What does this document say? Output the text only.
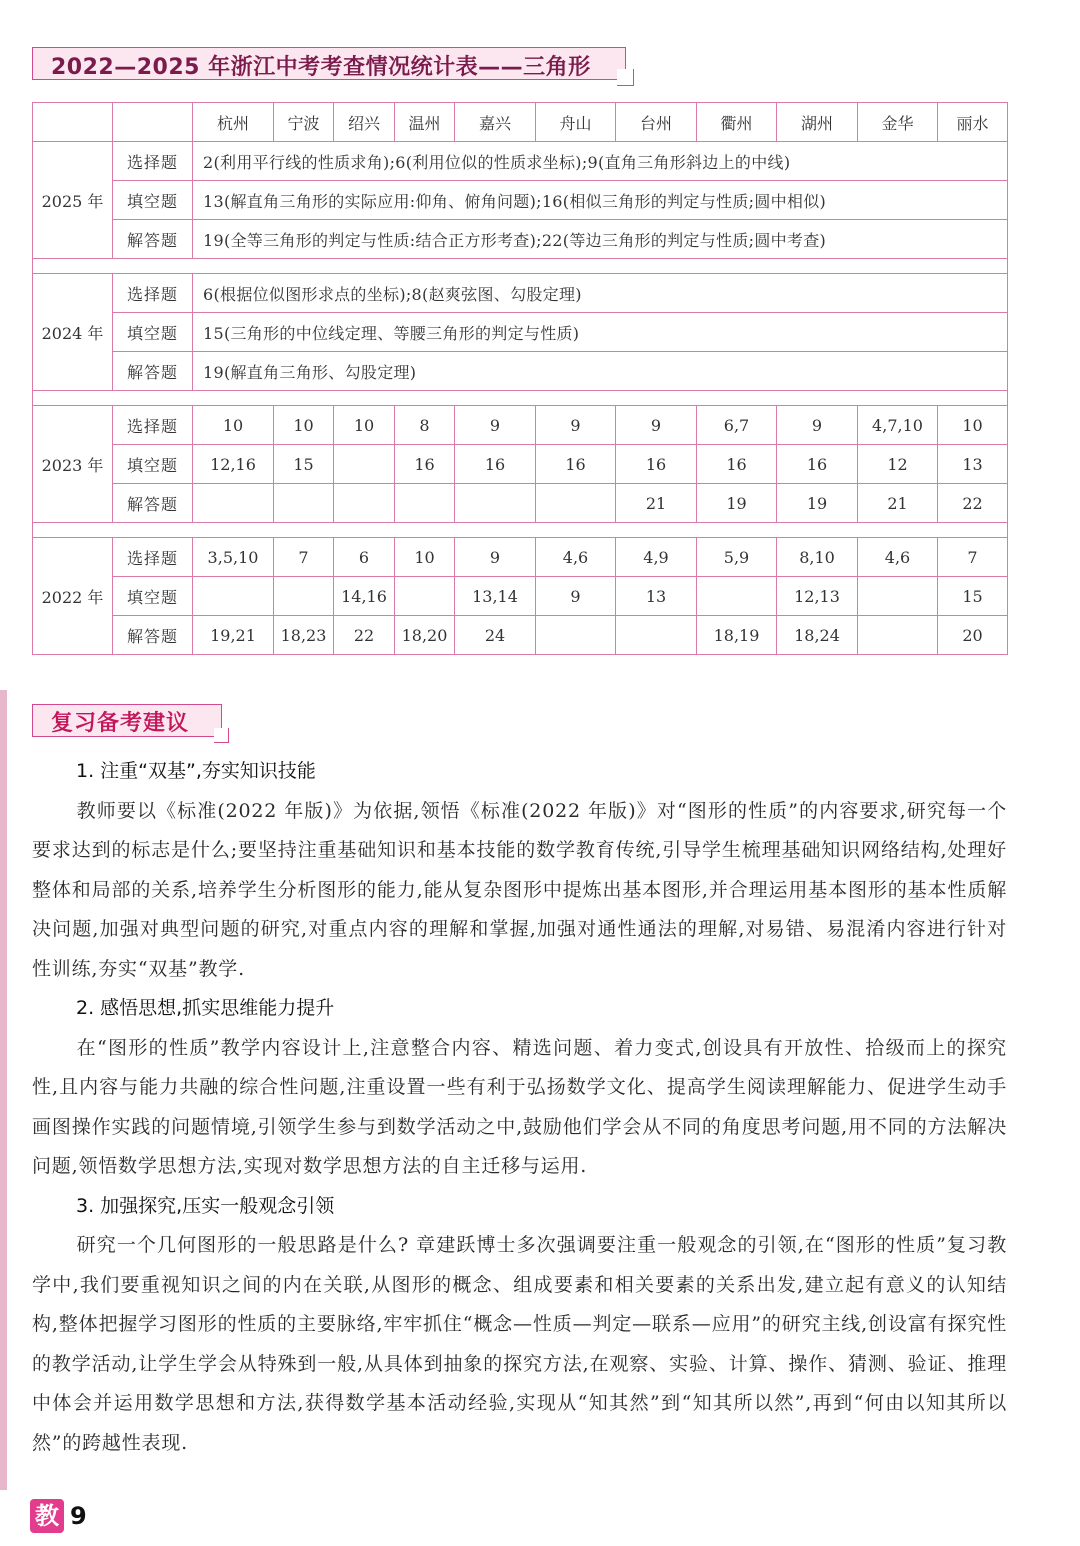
2022—2025 年浙江中考考查情况统计表——三角形
		杭州	宁波	绍兴	温州	嘉兴	舟山	台州	衢州	湖州	金华	丽水
2025 年	选择题	2(利用平行线的性质求角);6(利用位似的性质求坐标);9(直角三角形斜边上的中线)										
	填空题	13(解直角三角形的实际应用:仰角、俯角问题);16(相似三角形的判定与性质;圆中相似)										
	解答题	19(全等三角形的判定与性质:结合正方形考查);22(等边三角形的判定与性质;圆中考查)										

2024 年	选择题	6(根据位似图形求点的坐标);8(赵爽弦图、勾股定理)										
	填空题	15(三角形的中位线定理、等腰三角形的判定与性质)										
	解答题	19(解直角三角形、勾股定理)										

2023 年	选择题	10	10	10	8	9	9	9	6,7	9	4,7,10	10
	填空题	12,16	15		16	16	16	16	16	16	12	13
	解答题							21	19	19	21	22

2022 年	选择题	3,5,10	7	6	10	9	4,6	4,9	5,9	8,10	4,6	7
	填空题			14,16		13,14	9	13		12,13		15
	解答题	19,21	18,23	22	18,20	24			18,19	18,24		20
复习备考建议
1. 注重“双基”,夯实知识技能

教师要以《标准(2022 年版)》为依据,领悟《标准(2022 年版)》对“图形的性质”的内容要求,研究每一个要求达到的标志是什么;要坚持注重基础知识和基本技能的数学教育传统,引导学生梳理基础知识网络结构,处理好整体和局部的关系,培养学生分析图形的能力,能从复杂图形中提炼出基本图形,并合理运用基本图形的基本性质解决问题,加强对典型问题的研究,对重点内容的理解和掌握,加强对通性通法的理解,对易错、易混淆内容进行针对性训练,夯实“双基”教学.

2. 感悟思想,抓实思维能力提升

在“图形的性质”教学内容设计上,注意整合内容、精选问题、着力变式,创设具有开放性、拾级而上的探究性,且内容与能力共融的综合性问题,注重设置一些有利于弘扬数学文化、提高学生阅读理解能力、促进学生动手画图操作实践的问题情境,引领学生参与到数学活动之中,鼓励他们学会从不同的角度思考问题,用不同的方法解决问题,领悟数学思想方法,实现对数学思想方法的自主迁移与运用.

3. 加强探究,压实一般观念引领

研究一个几何图形的一般思路是什么? 章建跃博士多次强调要注重一般观念的引领,在“图形的性质”复习教学中,我们要重视知识之间的内在关联,从图形的概念、组成要素和相关要素的关系出发,建立起有意义的认知结构,整体把握学习图形的性质的主要脉络,牢牢抓住“概念—性质—判定—联系—应用”的研究主线,创设富有探究性的教学活动,让学生学会从特殊到一般,从具体到抽象的探究方法,在观察、实验、计算、操作、猜测、验证、推理中体会并运用数学思想和方法,获得数学基本活动经验,实现从“知其然”到“知其所以然”,再到“何由以知其所以然”的跨越性表现.

教 9
